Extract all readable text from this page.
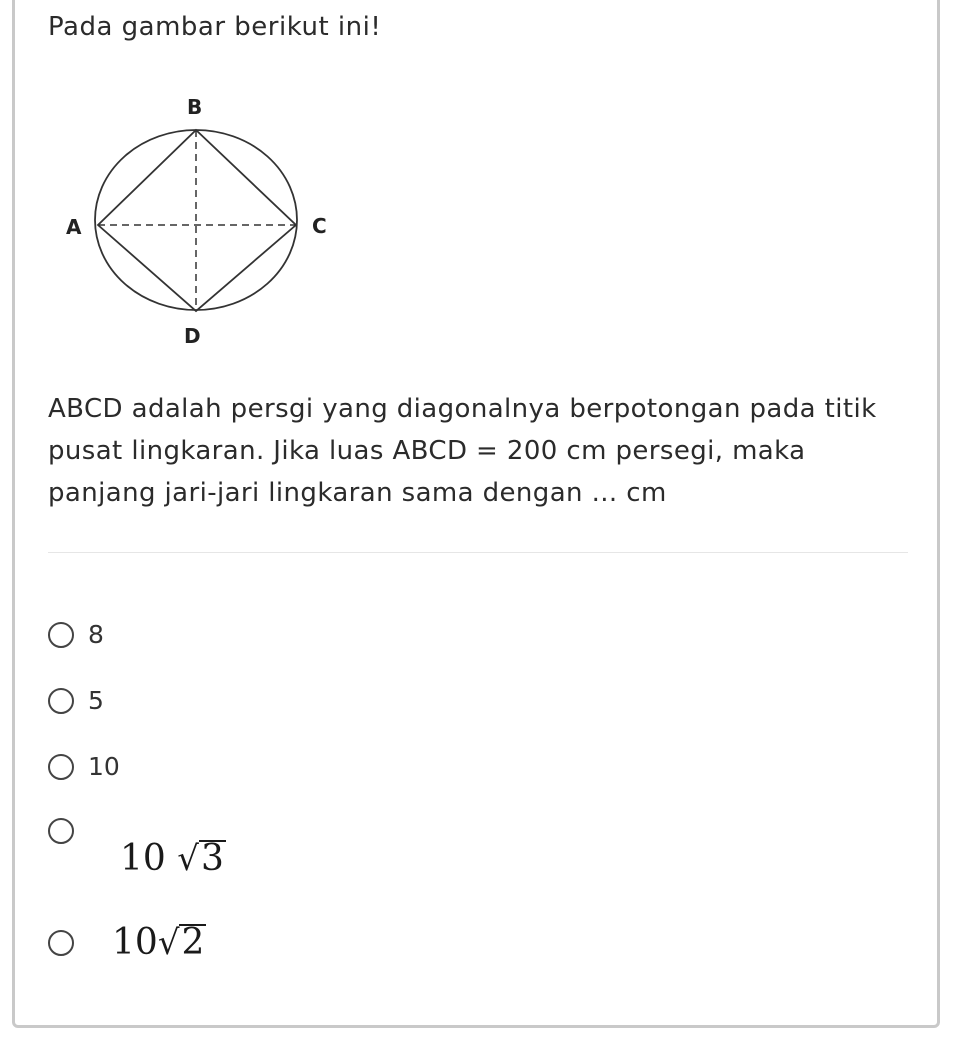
Pada gambar berikut ini!
B
A	C
D
ABCD adalah persgi yang diagonalnya berpotongan pada titik pusat lingkaran. Jika luas ABCD = 200 cm persegi, maka panjang jari-jari lingkaran sama dengan ... cm
8
5
10
10 √3
10√2
